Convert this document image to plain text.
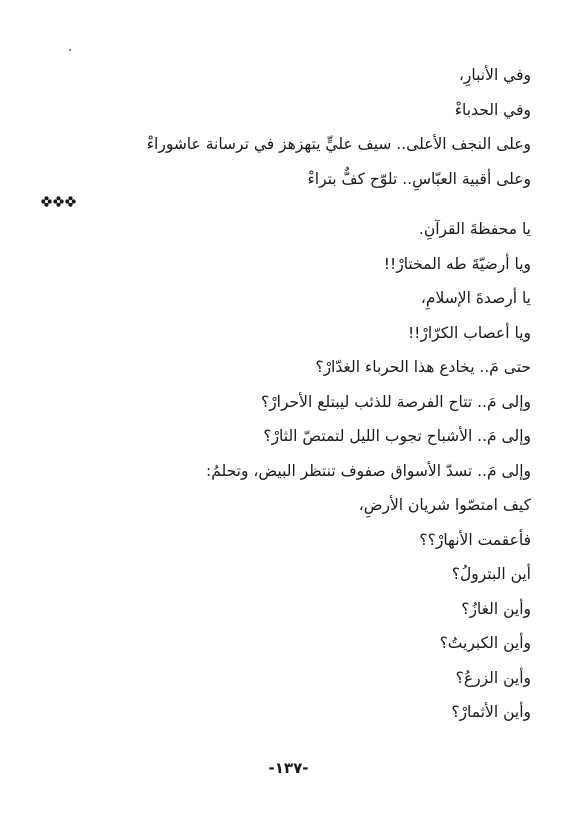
وفي الأنبارِ،
وفي الحدباءْ
وعلى النجف الأعلى.. سيف عليٍّ يتهزهز في ترسانة عاشوراءْ
وعلى أقبية العبّاسِ.. تلوّح كفٌّ بتراءْ
يا محفظةَ القرآنِ.
ويا أرضيّةَ طه المختارْ!!
يا أرصدةَ الإسلامِ،
ويا أعصاب الكرّارْ!!
حتى مَ.. يخادع هذا الحرباء الغدّارْ؟
وإلى مَ.. تتاح الفرصة للذئب ليبتلع الأحرارْ؟
وإلى مَ.. الأشباح تجوب الليل لتمتصّ الثارْ؟
وإلى مَ.. تسدّ الأسواق صفوف تنتظر البيض، وتحلمُ:
كيف امتصّوا شريان الأرضِ،
فأعقمت الأنهارْ؟؟
أين البترولُ؟
وأين الغازُ؟
وأين الكبريتُ؟
وأين الزرعُ؟
وأين الأثمارْ؟
-١٣٧-
